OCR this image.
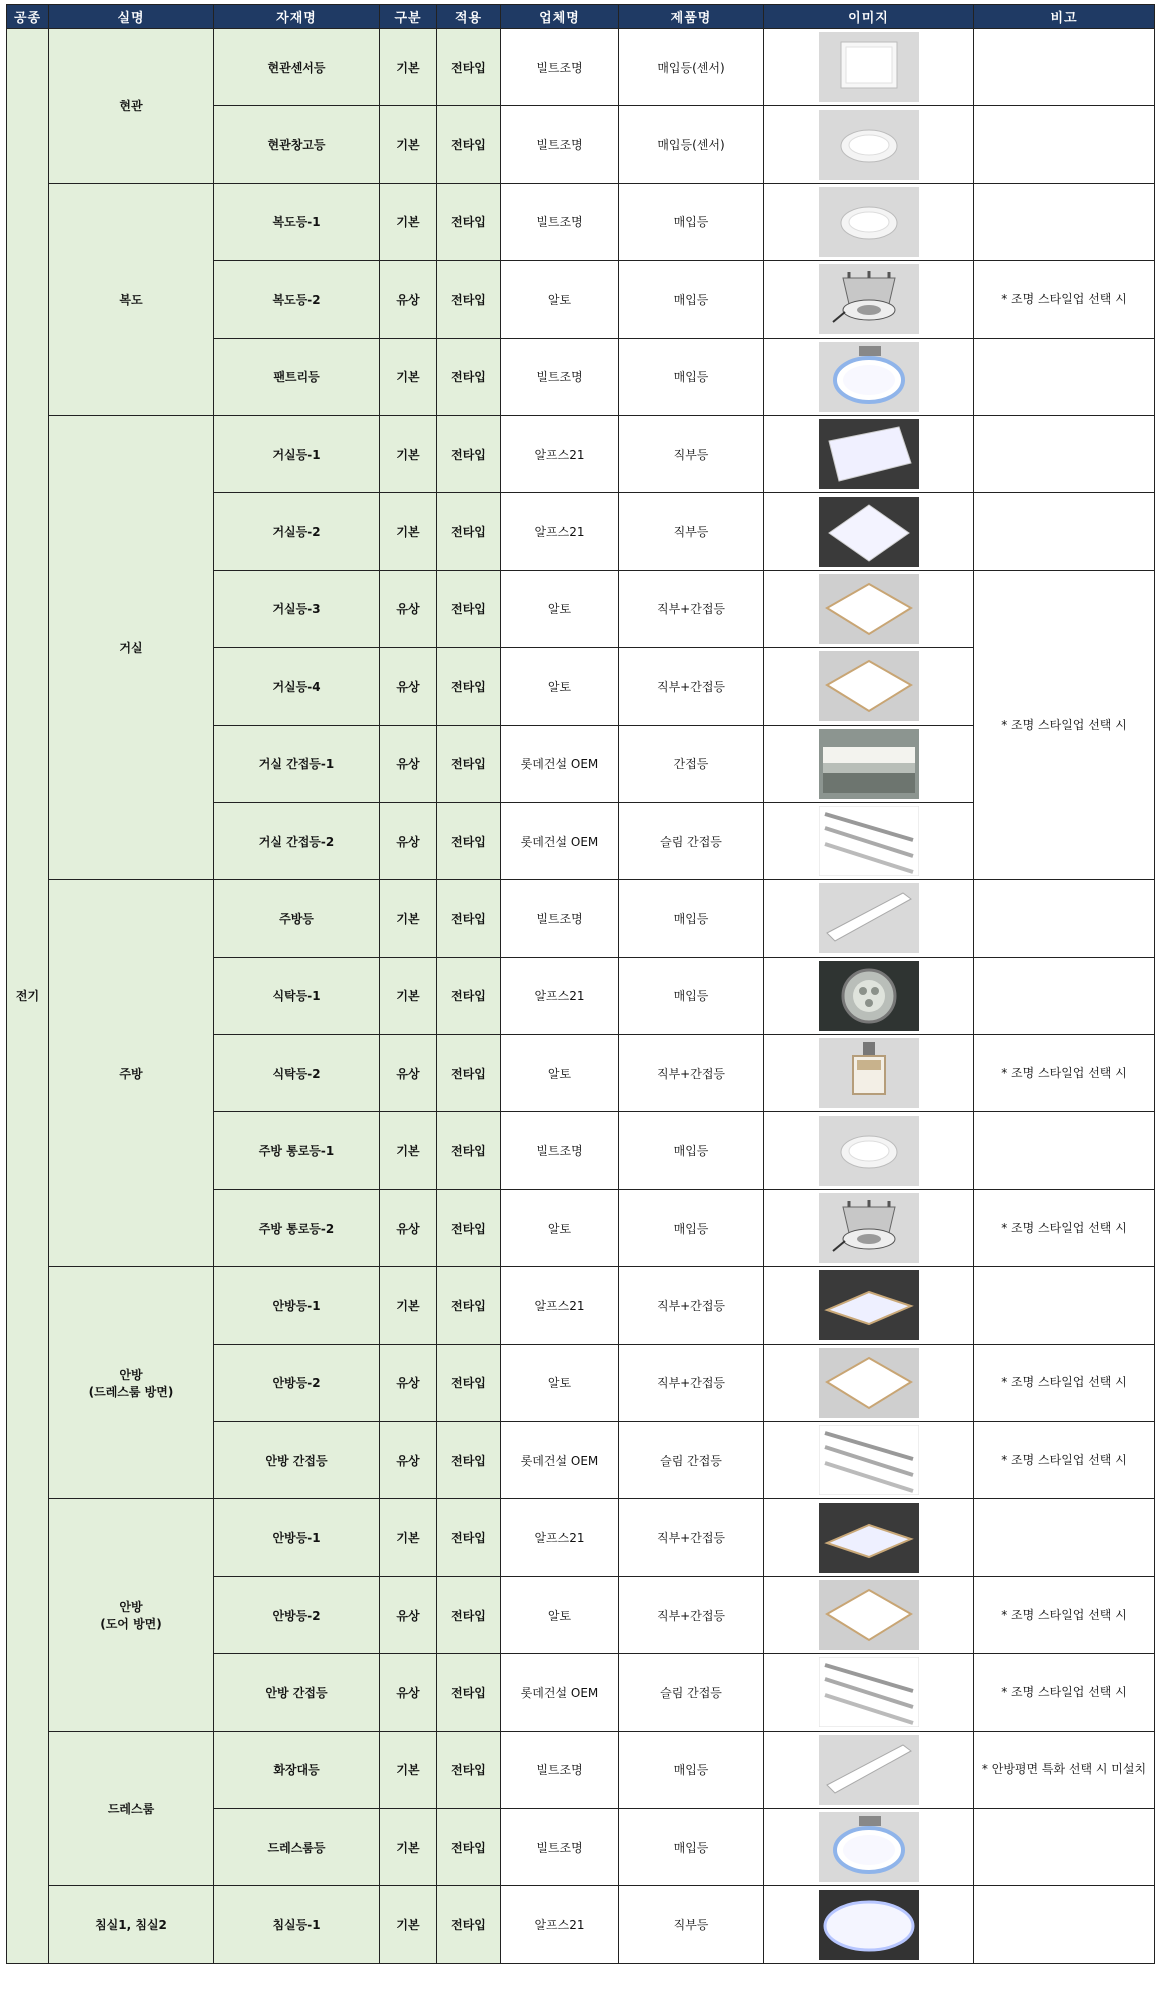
공종	실명	자재명	구분	적용	업체명	제품명	이미지	비고
전기	현관	현관센서등	기본	전타입	빌트조명	매입등(센서)	

		현관창고등	기본	전타입	빌트조명	매입등(센서)	

	복도	복도등-1	기본	전타입	빌트조명	매입등	

		복도등-2	유상	전타입	알토	매입등		* 조명 스타일업 선택 시
		팬트리등	기본	전타입	빌트조명	매입등	

	거실	거실등-1	기본	전타입	알프스21	직부등	

		거실등-2	기본	전타입	알프스21	직부등	

		거실등-3	유상	전타입	알토	직부+간접등		* 조명 스타일업 선택 시
		거실등-4	유상	전타입	알토	직부+간접등	

		거실 간접등-1	유상	전타입	롯데건설 OEM	간접등	

		거실 간접등-2	유상	전타입	롯데건설 OEM	슬림 간접등	

	주방	주방등	기본	전타입	빌트조명	매입등	

		식탁등-1	기본	전타입	알프스21	매입등	

		식탁등-2	유상	전타입	알토	직부+간접등		* 조명 스타일업 선택 시
		주방 통로등-1	기본	전타입	빌트조명	매입등	

		주방 통로등-2	유상	전타입	알토	매입등		* 조명 스타일업 선택 시
	안방
(드레스룸 방면)	안방등-1	기본	전타입	알프스21	직부+간접등	

		안방등-2	유상	전타입	알토	직부+간접등		* 조명 스타일업 선택 시
		안방 간접등	유상	전타입	롯데건설 OEM	슬림 간접등		* 조명 스타일업 선택 시
	안방
(도어 방면)	안방등-1	기본	전타입	알프스21	직부+간접등	

		안방등-2	유상	전타입	알토	직부+간접등		* 조명 스타일업 선택 시
		안방 간접등	유상	전타입	롯데건설 OEM	슬림 간접등		* 조명 스타일업 선택 시
	드레스룸	화장대등	기본	전타입	빌트조명	매입등		* 안방평면 특화 선택 시 미설치
		드레스룸등	기본	전타입	빌트조명	매입등	

	침실1, 침실2	침실등-1	기본	전타입	알프스21	직부등	
